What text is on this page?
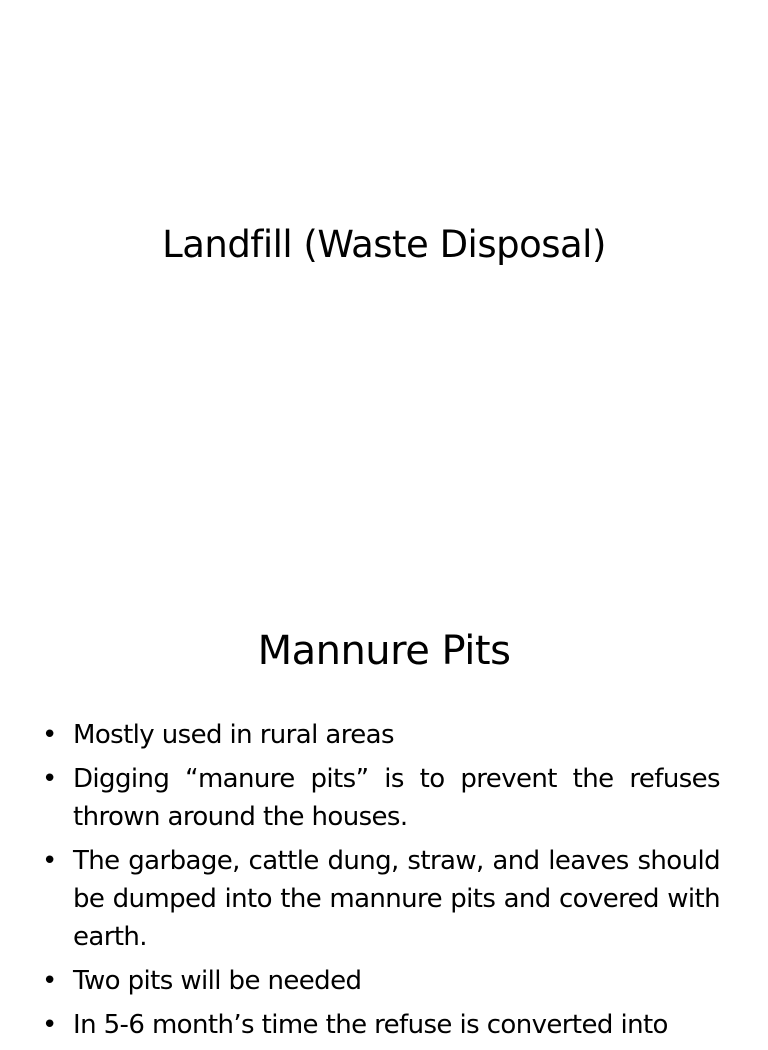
Landfill (Waste Disposal)
Mannure Pits
• Mostly used in rural areas
• Digging “manure pits” is to prevent the refuses thrown around the houses.
• The garbage, cattle dung, straw, and leaves should be dumped into the mannure pits and covered with earth.
• Two pits will be needed
• In 5-6 month’s time the refuse is converted into
